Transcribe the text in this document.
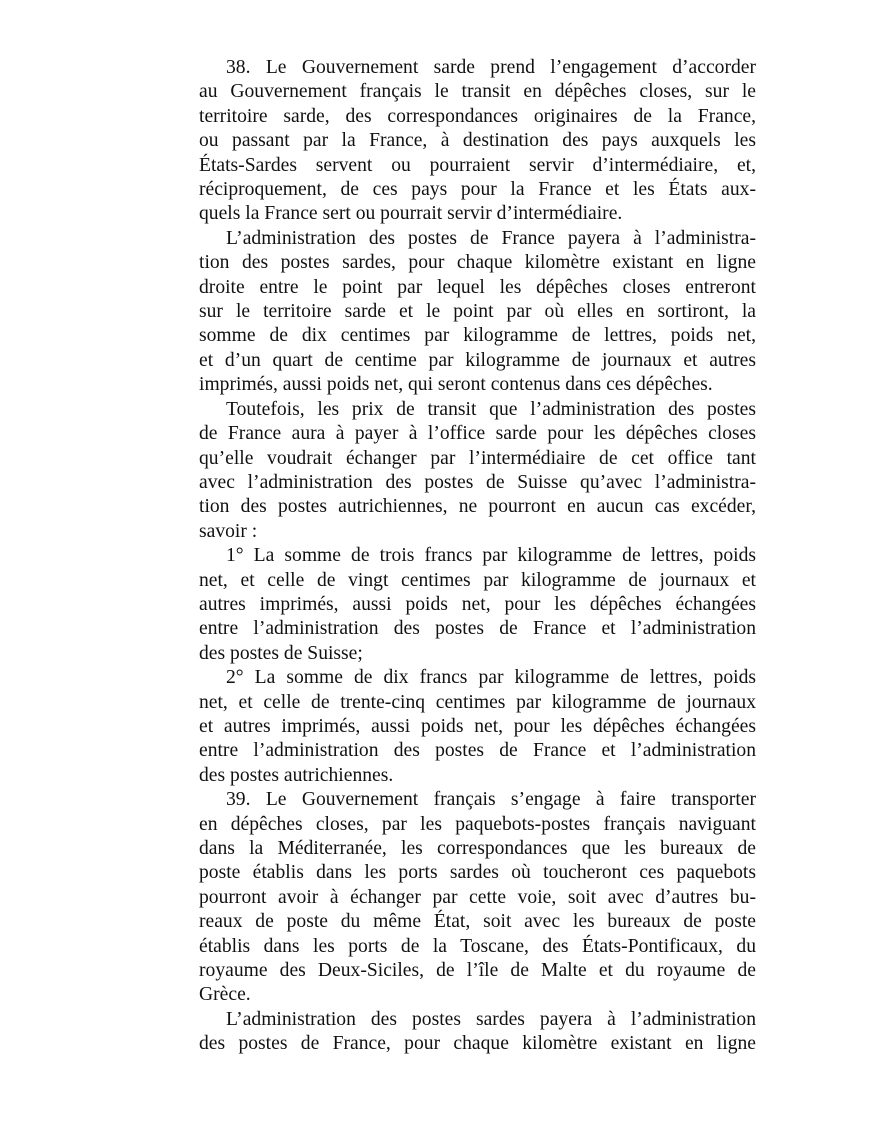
38. Le Gouvernement sarde prend l’engagement d’accorder
au Gouvernement français le transit en dépêches closes, sur le
territoire sarde, des correspondances originaires de la France,
ou passant par la France, à destination des pays auxquels les
États-Sardes servent ou pourraient servir d’intermédiaire, et,
réciproquement, de ces pays pour la France et les États aux-
quels la France sert ou pourrait servir d’intermédiaire.

L’administration des postes de France payera à l’administra-
tion des postes sardes, pour chaque kilomètre existant en ligne
droite entre le point par lequel les dépêches closes entreront
sur le territoire sarde et le point par où elles en sortiront, la
somme de dix centimes par kilogramme de lettres, poids net,
et d’un quart de centime par kilogramme de journaux et autres
imprimés, aussi poids net, qui seront contenus dans ces dépêches.

Toutefois, les prix de transit que l’administration des postes
de France aura à payer à l’office sarde pour les dépêches closes
qu’elle voudrait échanger par l’intermédiaire de cet office tant
avec l’administration des postes de Suisse qu’avec l’administra-
tion des postes autrichiennes, ne pourront en aucun cas excéder,
savoir :

1° La somme de trois francs par kilogramme de lettres, poids
net, et celle de vingt centimes par kilogramme de journaux et
autres imprimés, aussi poids net, pour les dépêches échangées
entre l’administration des postes de France et l’administration
des postes de Suisse;

2° La somme de dix francs par kilogramme de lettres, poids
net, et celle de trente-cinq centimes par kilogramme de journaux
et autres imprimés, aussi poids net, pour les dépêches échangées
entre l’administration des postes de France et l’administration
des postes autrichiennes.

39. Le Gouvernement français s’engage à faire transporter
en dépêches closes, par les paquebots-postes français naviguant
dans la Méditerranée, les correspondances que les bureaux de
poste établis dans les ports sardes où toucheront ces paquebots
pourront avoir à échanger par cette voie, soit avec d’autres bu-
reaux de poste du même État, soit avec les bureaux de poste
établis dans les ports de la Toscane, des États-Pontificaux, du
royaume des Deux-Siciles, de l’île de Malte et du royaume de
Grèce.

L’administration des postes sardes payera à l’administration
des postes de France, pour chaque kilomètre existant en ligne
